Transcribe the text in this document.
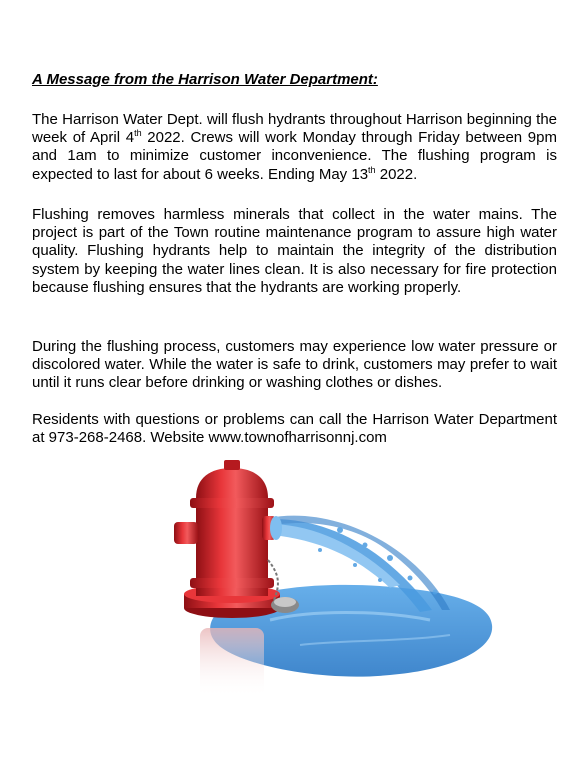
A Message from the Harrison Water Department:

The Harrison Water Dept. will flush hydrants throughout Harrison beginning the week of April 4th 2022. Crews will work Monday through Friday between 9pm and 1am to minimize customer inconvenience. The flushing program is expected to last for about 6 weeks. Ending May 13th 2022.

Flushing removes harmless minerals that collect in the water mains. The project is part of the Town routine maintenance program to assure high water quality. Flushing hydrants help to maintain the integrity of the distribution system by keeping the water lines clean. It is also necessary for fire protection because flushing ensures that the hydrants are working properly.

During the flushing process, customers may experience low water pressure or discolored water. While the water is safe to drink, customers may prefer to wait until it runs clear before drinking or washing clothes or dishes.

Residents with questions or problems can call the Harrison Water Department at 973-268-2468. Website www.townofharrisonnj.com
